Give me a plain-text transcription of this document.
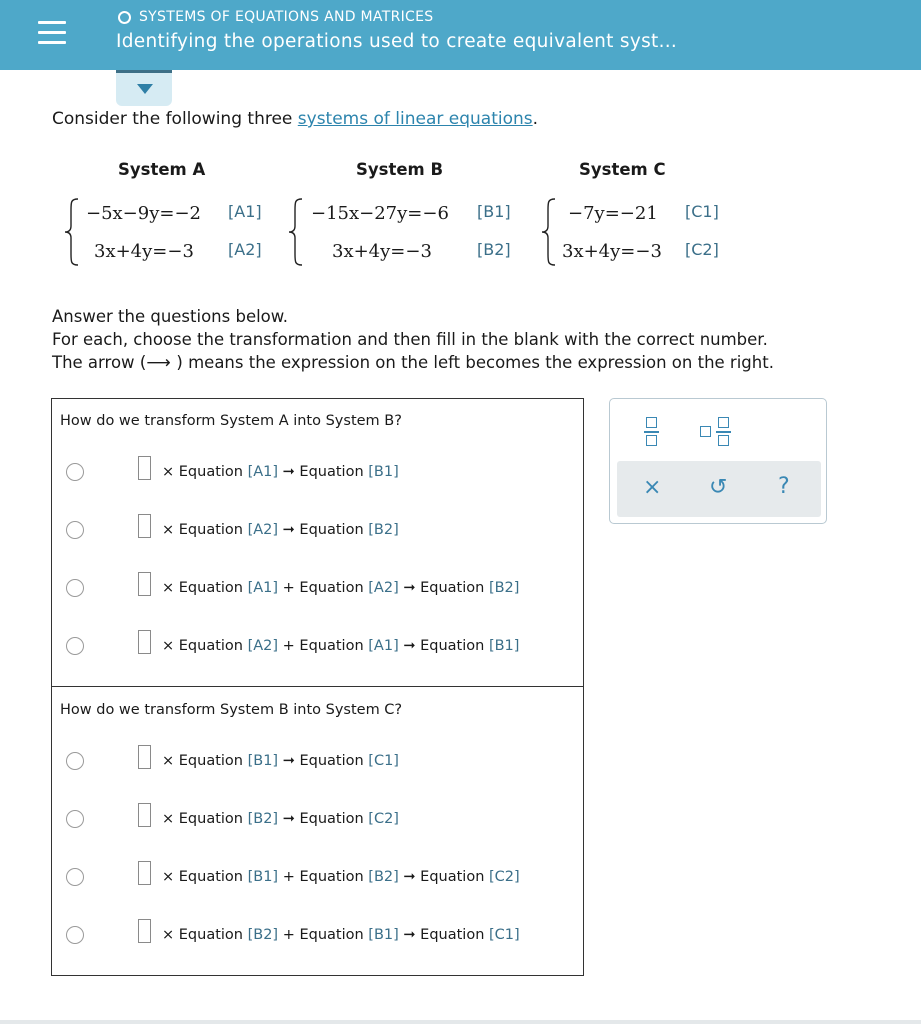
SYSTEMS OF EQUATIONS AND MATRICES
Identifying the operations used to create equivalent syst...
Consider the following three systems of linear equations.
System A	System B	System C
−5x−9y=−2 [A1]
3x+4y=−3 [A2]
−15x−27y=−6 [B1]
3x+4y=−3	[B2]
−7y=−21 [C1]
3x+4y=−3 [C2]
Answer the questions below.
For each, choose the transformation and then fill in the blank with the correct number.
The arrow (⟶ ) means the expression on the left becomes the expression on the right.
How do we transform System A into System B?
× Equation [A1] ➞ Equation [B1]
× Equation [A2] ➞ Equation [B2]
× Equation [A1] + Equation [A2] ➞ Equation [B2]
× Equation [A2] + Equation [A1] ➞ Equation [B1]
How do we transform System B into System C?
× Equation [B1] ➞ Equation [C1]
× Equation [B2] ➞ Equation [C2]
× Equation [B1] + Equation [B2] ➞ Equation [C2]
× Equation [B2] + Equation [B1] ➞ Equation [C1]
× ↺ ?
